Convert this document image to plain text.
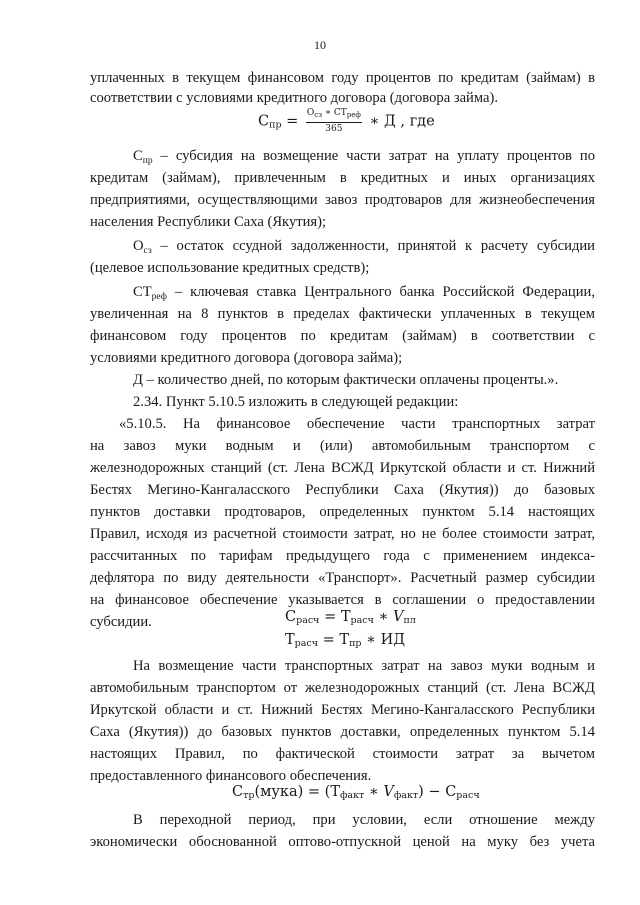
10

уплаченных в текущем финансовом году процентов по кредитам (займам) в

соответствии с условиями кредитного договора (договора займа).

$С_{пр} = \frac{О_{сз} ∗ СТ_{реф}}{365}$ ∗ Д , где

$С_{пр}$ – субсидия на возмещение части затрат на уплату процентов по

кредитам (займам), привлеченным в кредитных и иных организациях

предприятиями, осуществляющими завоз продтоваров для жизнеобеспечения

населения Республики Саха (Якутия);

$О_{сз}$ – остаток ссудной задолженности, принятой к расчету субсидии

(целевое использование кредитных средств);

$СТ_{реф}$ – ключевая ставка Центрального банка Российской Федерации,

увеличенная на 8 пунктов в пределах фактически уплаченных в текущем

финансовом году процентов по кредитам (займам) в соответствии с

условиями кредитного договора (договора займа);

Д – количество дней, по которым фактически оплачены проценты.».

2.34. Пункт 5.10.5 изложить в следующей редакции:

«5.10.5. На финансовое обеспечение части транспортных затрат

на завоз муки водным и (или) автомобильным транспортом с

железнодорожных станций (ст. Лена ВСЖД Иркутской области и ст. Нижний

Бестях Мегино-Кангаласского Республики Саха (Якутия)) до базовых

пунктов доставки продтоваров, определенных пунктом 5.14 настоящих

Правил, исходя из расчетной стоимости затрат, но не более стоимости затрат,

рассчитанных по тарифам предыдущего года с применением индекса-

дефлятора по виду деятельности «Транспорт». Расчетный размер субсидии

на финансовое обеспечение указывается в соглашении о предоставлении

субсидии.	$С_{расч} = Т_{расч}$ ∗ $V_{пл}$
$Т_{расч} = Т_{пр}$ ∗ ИД

На возмещение части транспортных затрат на завоз муки водным и

автомобильным транспортом от железнодорожных станций (ст. Лена ВСЖД

Иркутской области и ст. Нижний Бестях Мегино-Кангаласского Республики

Саха (Якутия)) до базовых пунктов доставки, определенных пунктом 5.14

настоящих Правил, по фактической стоимости затрат за вычетом

предоставленного финансового обеспечения.

$С_{тр}(мука) = (Т_{факт}$ ∗ $V_{факт}) - С_{расч}$

В переходной период, при условии, если отношение между

экономически обоснованной оптово-отпускной ценой на муку без учета
